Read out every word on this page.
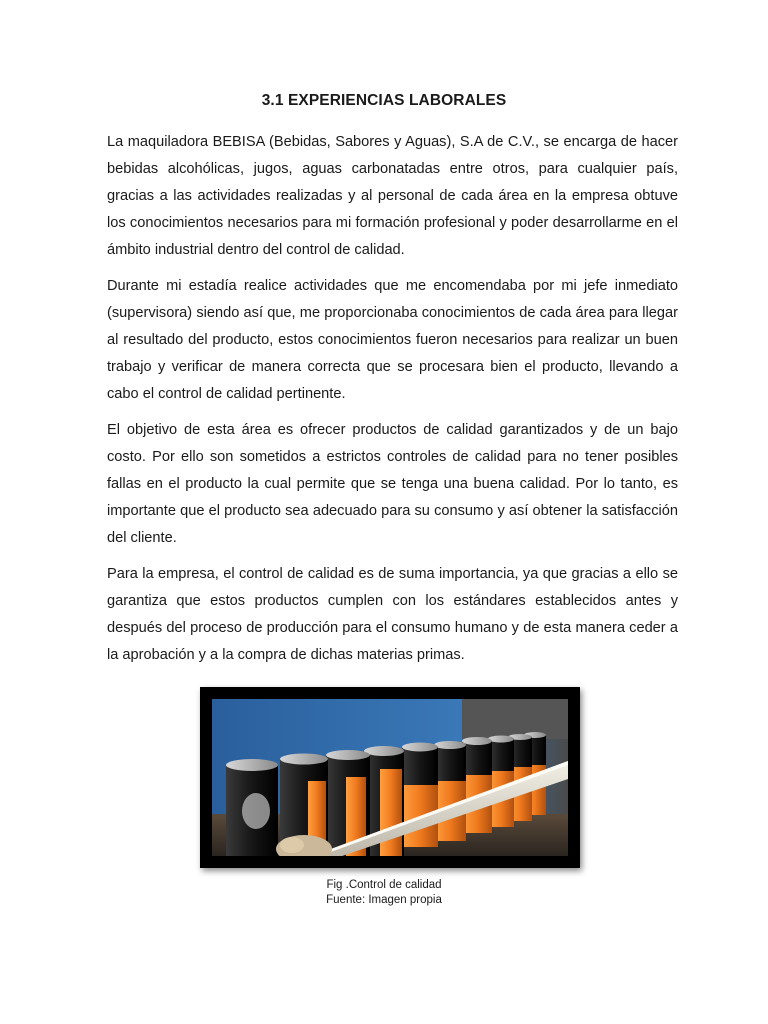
3.1 EXPERIENCIAS LABORALES

La maquiladora BEBISA (Bebidas, Sabores y Aguas), S.A de C.V., se encarga de hacer bebidas alcohólicas, jugos, aguas carbonatadas entre otros, para cualquier país, gracias a las actividades realizadas y al personal de cada área en la empresa obtuve los conocimientos necesarios para mi formación profesional y poder desarrollarme en el ámbito industrial dentro del control de calidad.

Durante mi estadía realice actividades que me encomendaba por mi jefe inmediato (supervisora) siendo así que, me proporcionaba conocimientos de cada área para llegar al resultado del producto, estos conocimientos fueron necesarios para realizar un buen trabajo y verificar de manera correcta que se procesara bien el producto, llevando a cabo el control de calidad pertinente.

El objetivo de esta área es ofrecer productos de calidad garantizados y de un bajo costo. Por ello son sometidos a estrictos controles de calidad para no tener posibles fallas en el producto la cual permite que se tenga una buena calidad. Por lo tanto, es importante que el producto sea adecuado para su consumo y así obtener la satisfacción del cliente.

Para la empresa, el control de calidad es de suma importancia, ya que gracias a ello se garantiza que estos productos cumplen con los estándares establecidos antes y después del proceso de producción para el consumo humano y de esta manera ceder a la aprobación y a la compra de dichas materias primas.

Fig .Control de calidad
Fuente: Imagen propia
